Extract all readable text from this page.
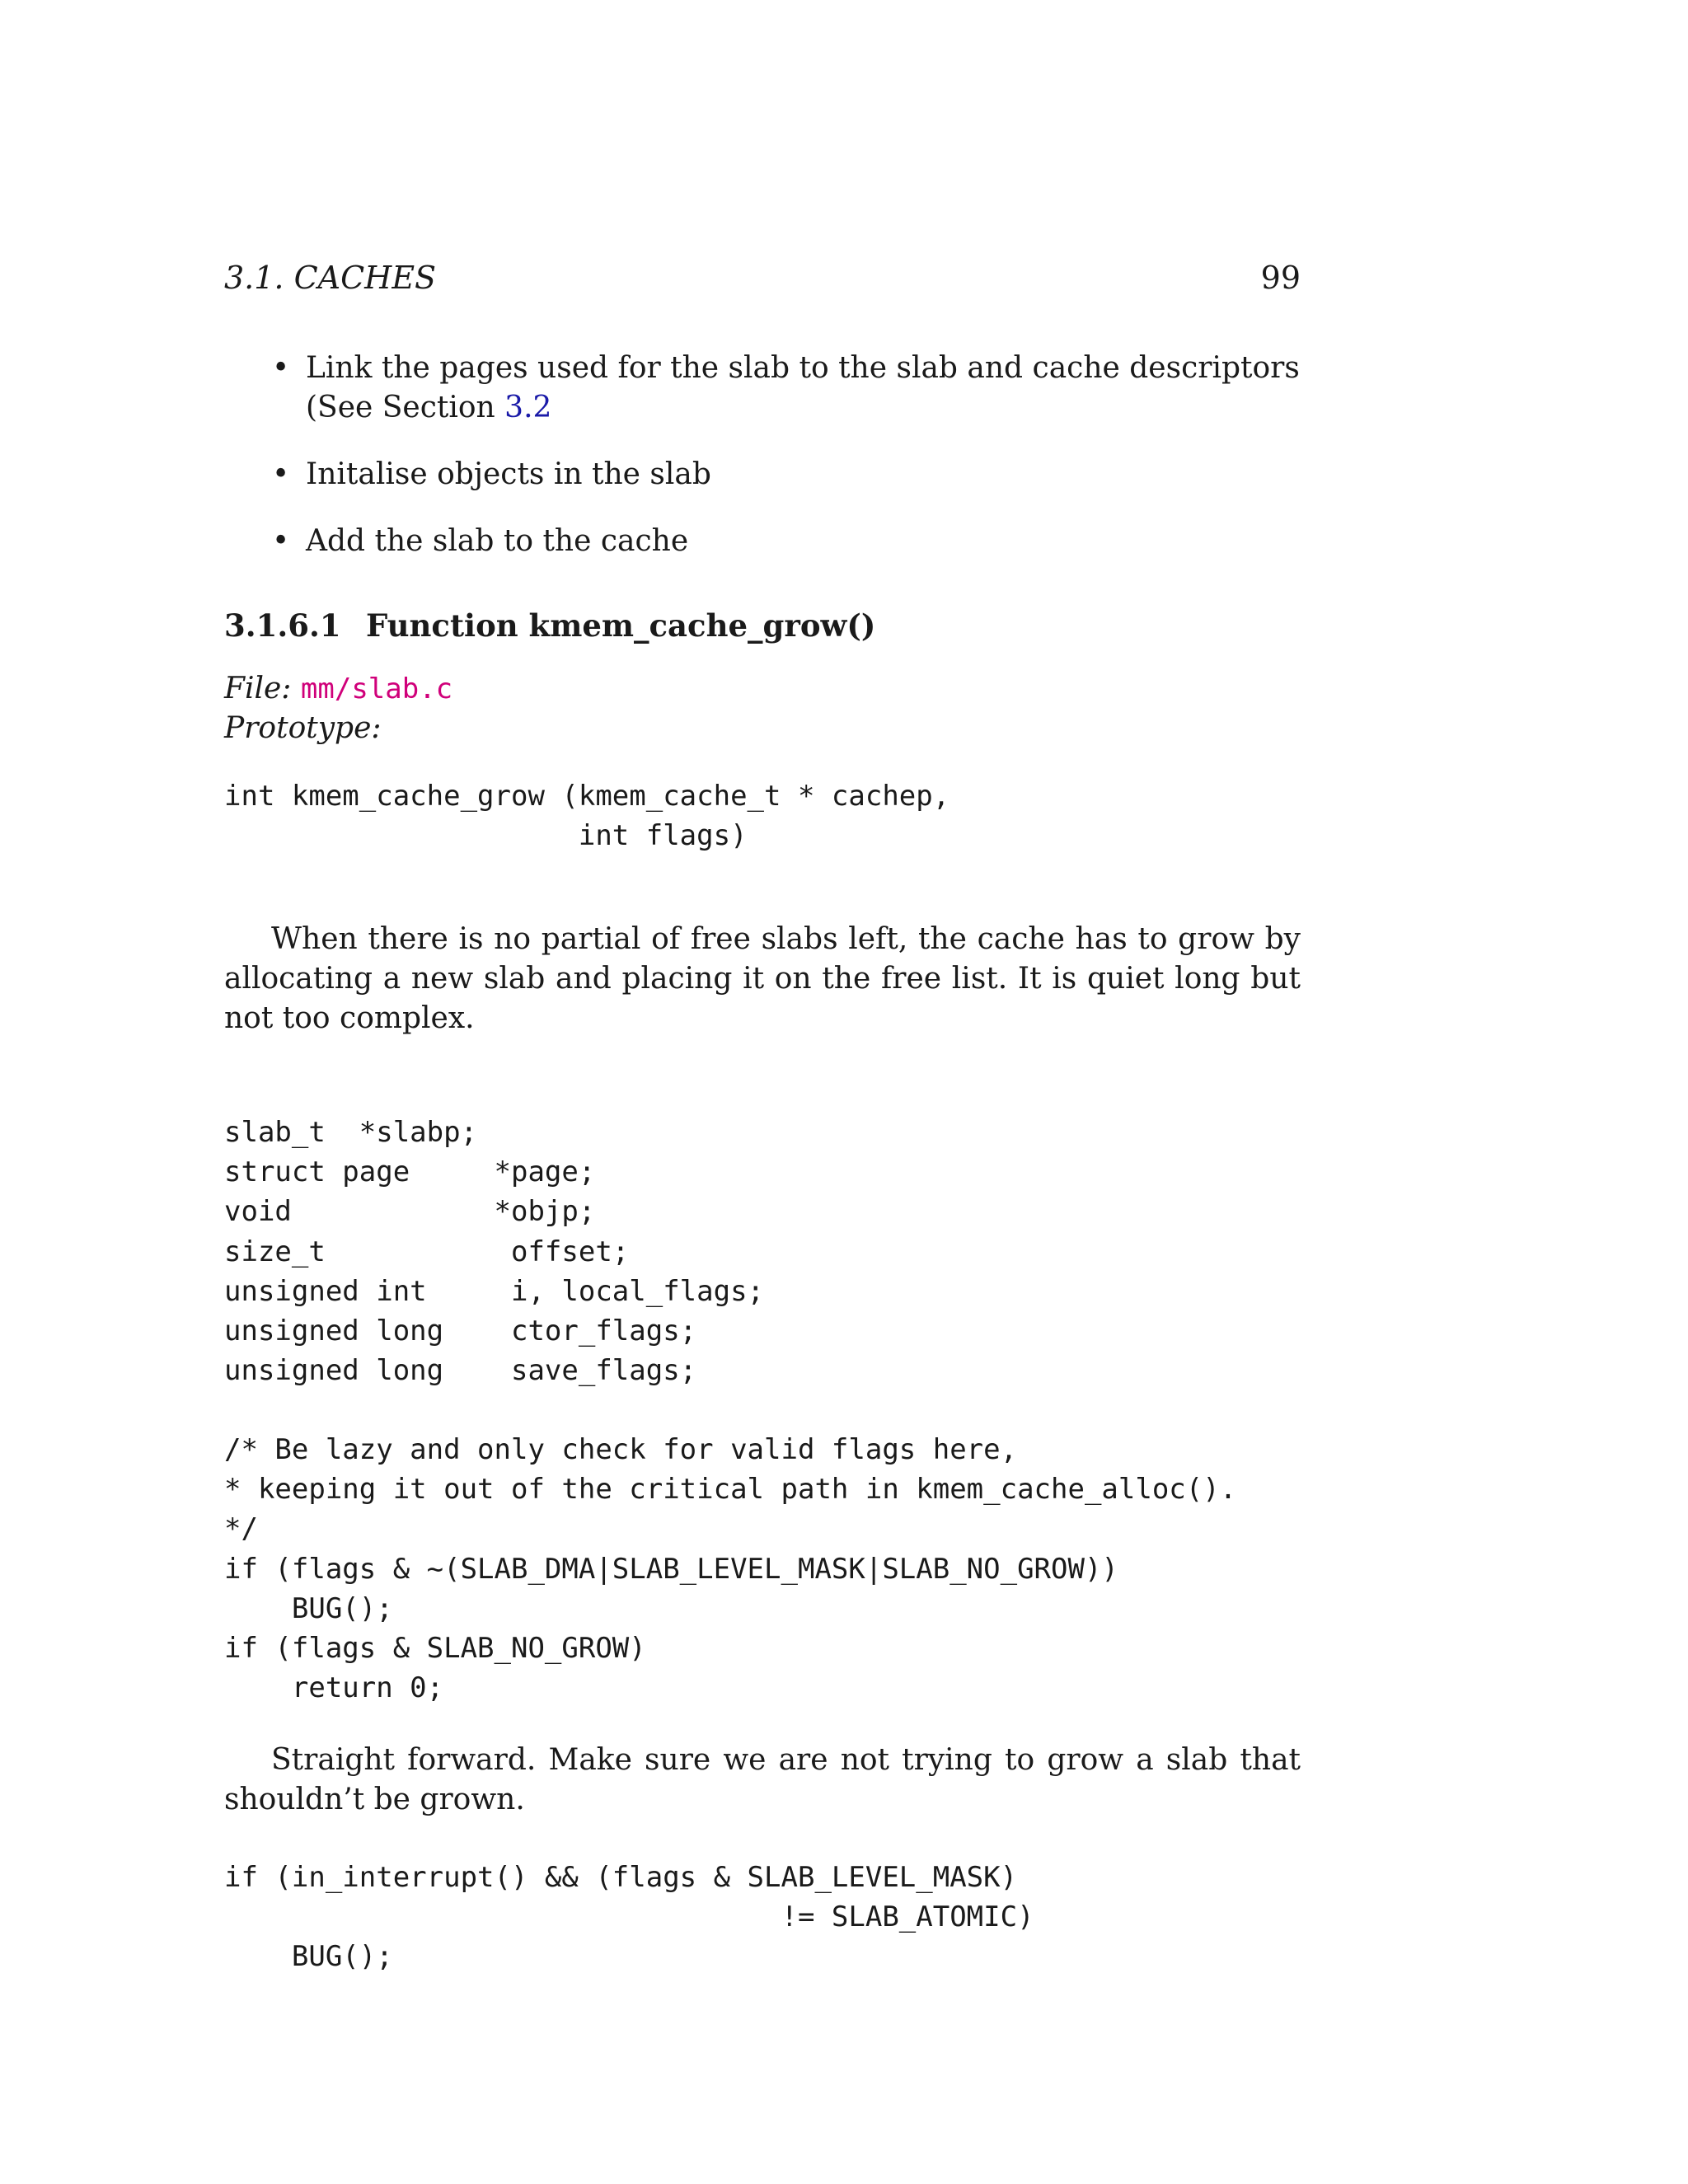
3.1. CACHES	99
• Link the pages used for the slab to the slab and cache descriptors (See Section 3.2
• Initalise objects in the slab
• Add the slab to the cache
3.1.6.1 Function kmem_cache_grow()
File: mm/slab.c
Prototype:
int kmem_cache_grow (kmem_cache_t * cachep,
int flags)

When there is no partial of free slabs left, the cache has to grow by allocating a new slab and placing it on the free list. It is quiet long but not too complex.

slab_t  *slabp;
struct page     *page;
void            *objp;
size_t           offset;
unsigned int     i, local_flags;
unsigned long    ctor_flags;
unsigned long    save_flags;
/* Be lazy and only check for valid flags here,
* keeping it out of the critical path in kmem_cache_alloc().
*/
if (flags & ~(SLAB_DMA|SLAB_LEVEL_MASK|SLAB_NO_GROW))
BUG();
if (flags & SLAB_NO_GROW)
return 0;

Straight forward. Make sure we are not trying to grow a slab that shouldn’t be grown.

if (in_interrupt() && (flags & SLAB_LEVEL_MASK)
!= SLAB_ATOMIC)
BUG();
